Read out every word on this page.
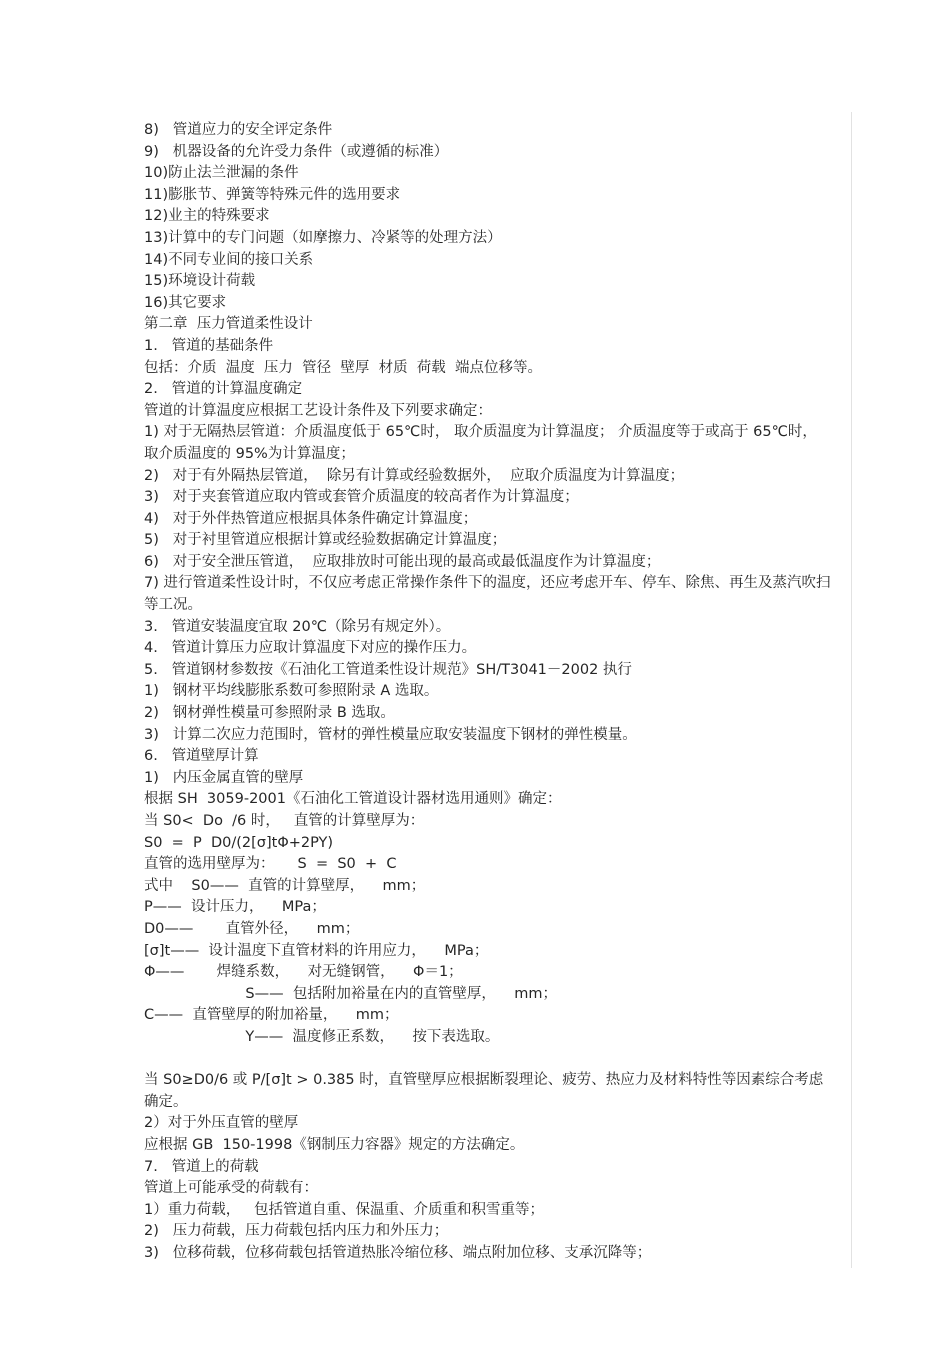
8)   管道应力的安全评定条件
9)   机器设备的允许受力条件（或遵循的标准）
10)防止法兰泄漏的条件
11)膨胀节、弹簧等特殊元件的选用要求
12)业主的特殊要求
13)计算中的专门问题（如摩擦力、冷紧等的处理方法）
14)不同专业间的接口关系
15)环境设计荷载
16)其它要求
第二章  压力管道柔性设计
1.   管道的基础条件
包括：介质  温度  压力  管径  壁厚  材质  荷载  端点位移等。
2.   管道的计算温度确定
管道的计算温度应根据工艺设计条件及下列要求确定：
1) 对于无隔热层管道：介质温度低于 65℃时， 取介质温度为计算温度； 介质温度等于或高于 65℃时， 取介质温度的 95%为计算温度；
2)   对于有外隔热层管道，  除另有计算或经验数据外，  应取介质温度为计算温度；
3)   对于夹套管道应取内管或套管介质温度的较高者作为计算温度；
4)   对于外伴热管道应根据具体条件确定计算温度；
5)   对于衬里管道应根据计算或经验数据确定计算温度；
6)   对于安全泄压管道，  应取排放时可能出现的最高或最低温度作为计算温度；
7) 进行管道柔性设计时，不仅应考虑正常操作条件下的温度，还应考虑开车、停车、除焦、再生及蒸汽吹扫等工况。
3.   管道安装温度宜取 20℃（除另有规定外）。
4.   管道计算压力应取计算温度下对应的操作压力。
5.   管道钢材参数按《石油化工管道柔性设计规范》SH/T3041－2002 执行
1)   钢材平均线膨胀系数可参照附录 A 选取。
2)   钢材弹性模量可参照附录 B 选取。
3)   计算二次应力范围时，管材的弹性模量应取安装温度下钢材的弹性模量。
6.   管道壁厚计算
1)   内压金属直管的壁厚
根据 SH  3059-2001《石油化工管道设计器材选用通则》确定：
当 S0<  Do  /6 时，   直管的计算壁厚为：
S0  =  P  D0/(2[σ]tΦ+2PY)
直管的选用壁厚为：     S  =  S0  +  C
式中    S0——  直管的计算壁厚，    mm；
P——  设计压力，    MPa；
D0——       直管外径，    mm；
[σ]t——  设计温度下直管材料的许用应力，    MPa；
Φ——       焊缝系数，    对无缝钢管，    Φ＝1；
S——  包括附加裕量在内的直管壁厚，    mm；
C——  直管壁厚的附加裕量，    mm；
Y——  温度修正系数，    按下表选取。
当 S0≥D0/6 或 P/[σ]t > 0.385 时，直管壁厚应根据断裂理论、疲劳、热应力及材料特性等因素综合考虑确定。
2）对于外压直管的壁厚
应根据 GB  150-1998《钢制压力容器》规定的方法确定。
7.   管道上的荷载
管道上可能承受的荷载有：
1）重力荷载，   包括管道自重、保温重、介质重和积雪重等；
2)   压力荷载，压力荷载包括内压力和外压力；
3)   位移荷载，位移荷载包括管道热胀冷缩位移、端点附加位移、支承沉降等；
